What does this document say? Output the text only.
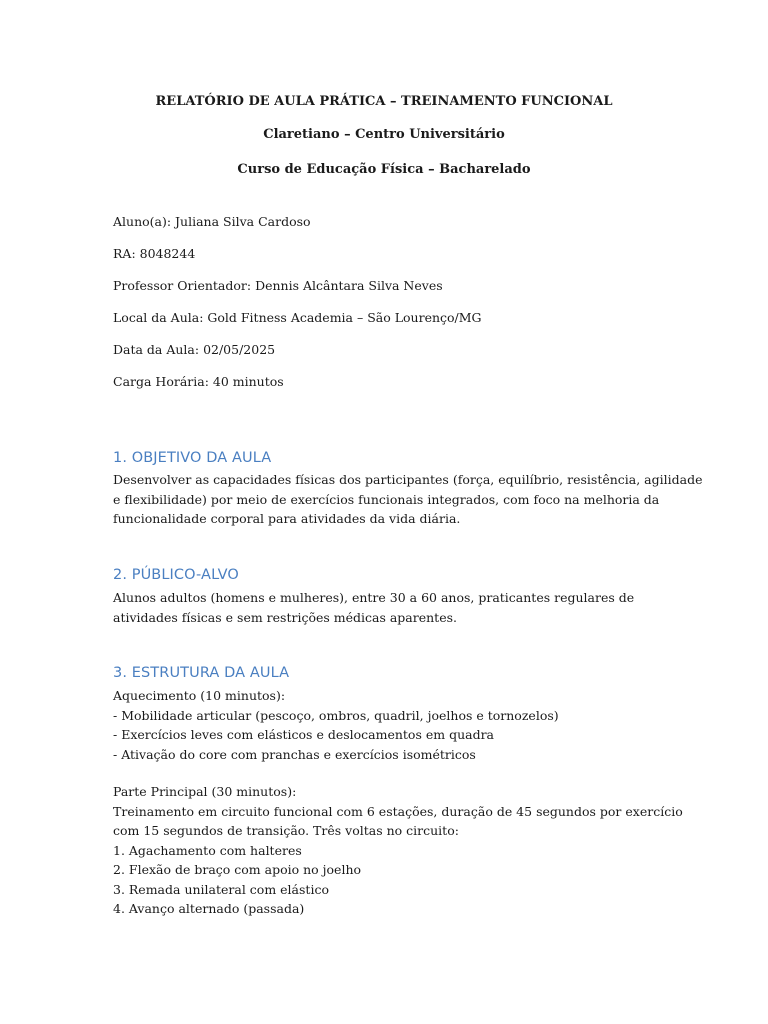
RELATÓRIO DE AULA PRÁTICA – TREINAMENTO FUNCIONAL
Claretiano – Centro Universitário
Curso de Educação Física – Bacharelado
Aluno(a): Juliana Silva Cardoso
RA: 8048244
Professor Orientador: Dennis Alcântara Silva Neves
Local da Aula: Gold Fitness Academia – São Lourenço/MG
Data da Aula: 02/05/2025
Carga Horária: 40 minutos
1. OBJETIVO DA AULA
Desenvolver as capacidades físicas dos participantes (força, equilíbrio, resistência, agilidade
e flexibilidade) por meio de exercícios funcionais integrados, com foco na melhoria da
funcionalidade corporal para atividades da vida diária.
2. PÚBLICO-ALVO
Alunos adultos (homens e mulheres), entre 30 a 60 anos, praticantes regulares de
atividades físicas e sem restrições médicas aparentes.
3. ESTRUTURA DA AULA
Aquecimento (10 minutos):
- Mobilidade articular (pescoço, ombros, quadril, joelhos e tornozelos)
- Exercícios leves com elásticos e deslocamentos em quadra
- Ativação do core com pranchas e exercícios isométricos
Parte Principal (30 minutos):
Treinamento em circuito funcional com 6 estações, duração de 45 segundos por exercício
com 15 segundos de transição. Três voltas no circuito:
1. Agachamento com halteres
2. Flexão de braço com apoio no joelho
3. Remada unilateral com elástico
4. Avanço alternado (passada)
